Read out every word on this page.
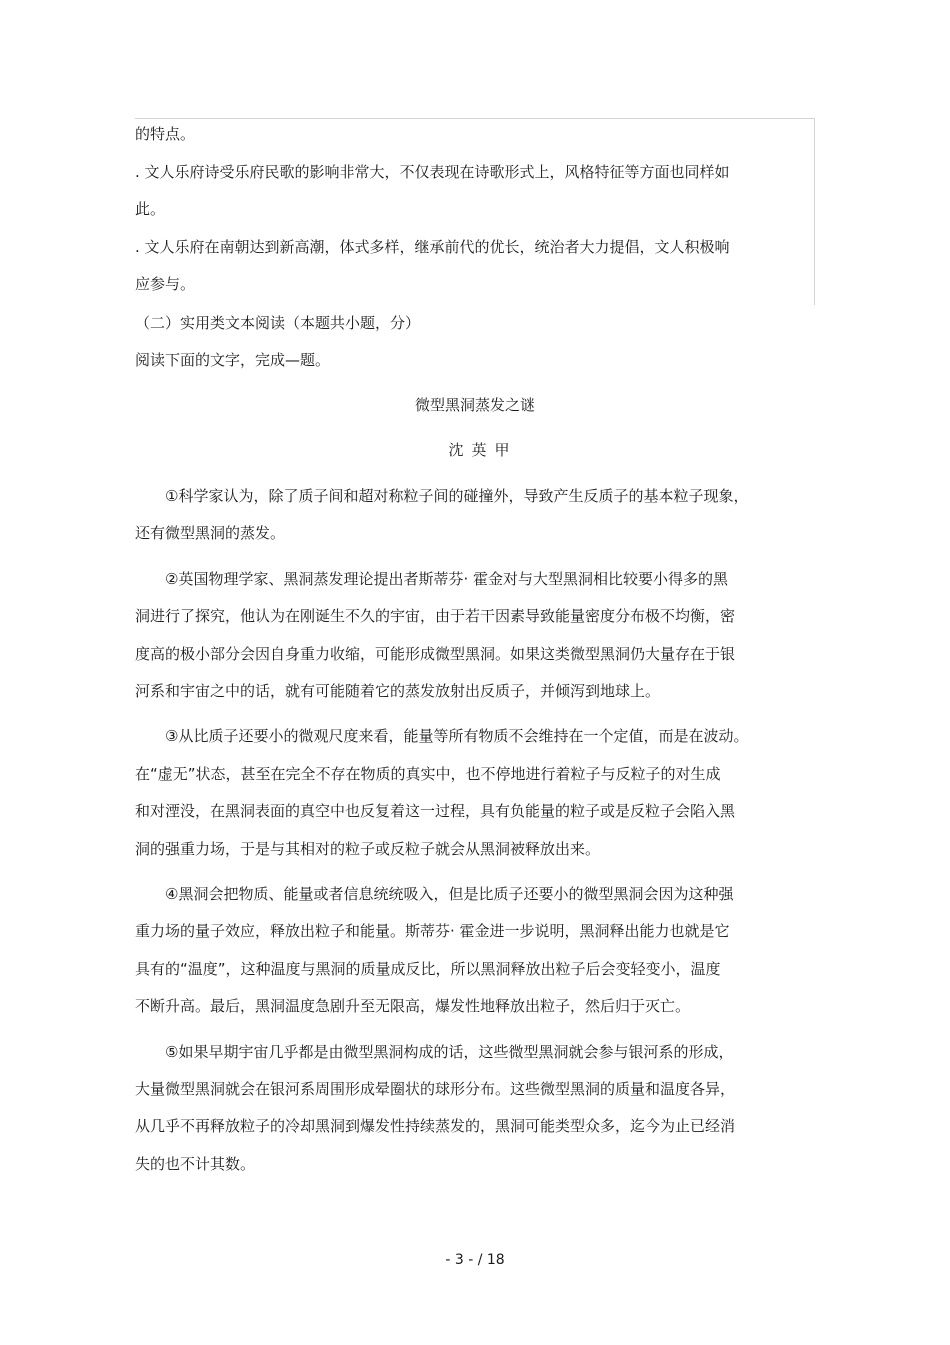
的特点。
. 文人乐府诗受乐府民歌的影响非常大，不仅表现在诗歌形式上，风格特征等方面也同样如
此。
. 文人乐府在南朝达到新高潮，体式多样，继承前代的优长，统治者大力提倡，文人积极响
应参与。
（二）实用类文本阅读（本题共小题，分）
阅读下面的文字，完成—题。
微型黑洞蒸发之谜
沈英甲
　　①科学家认为，除了质子间和超对称粒子间的碰撞外，导致产生反质子的基本粒子现象，
还有微型黑洞的蒸发。
　　②英国物理学家、黑洞蒸发理论提出者斯蒂芬· 霍金对与大型黑洞相比较要小得多的黑
洞进行了探究，他认为在刚诞生不久的宇宙，由于若干因素导致能量密度分布极不均衡，密
度高的极小部分会因自身重力收缩，可能形成微型黑洞。如果这类微型黑洞仍大量存在于银
河系和宇宙之中的话，就有可能随着它的蒸发放射出反质子，并倾泻到地球上。
　　③从比质子还要小的微观尺度来看，能量等所有物质不会维持在一个定值，而是在波动。
在“虚无”状态，甚至在完全不存在物质的真实中，也不停地进行着粒子与反粒子的对生成
和对湮没，在黑洞表面的真空中也反复着这一过程，具有负能量的粒子或是反粒子会陷入黑
洞的强重力场，于是与其相对的粒子或反粒子就会从黑洞被释放出来。
　　④黑洞会把物质、能量或者信息统统吸入，但是比质子还要小的微型黑洞会因为这种强
重力场的量子效应，释放出粒子和能量。斯蒂芬· 霍金进一步说明，黑洞释出能力也就是它
具有的“温度”，这种温度与黑洞的质量成反比，所以黑洞释放出粒子后会变轻变小，温度
不断升高。最后，黑洞温度急剧升至无限高，爆发性地释放出粒子，然后归于灭亡。
　　⑤如果早期宇宙几乎都是由微型黑洞构成的话，这些微型黑洞就会参与银河系的形成，
大量微型黑洞就会在银河系周围形成晕圈状的球形分布。这些微型黑洞的质量和温度各异，
从几乎不再释放粒子的冷却黑洞到爆发性持续蒸发的，黑洞可能类型众多，迄今为止已经消
失的也不计其数。
- 3 - / 18
